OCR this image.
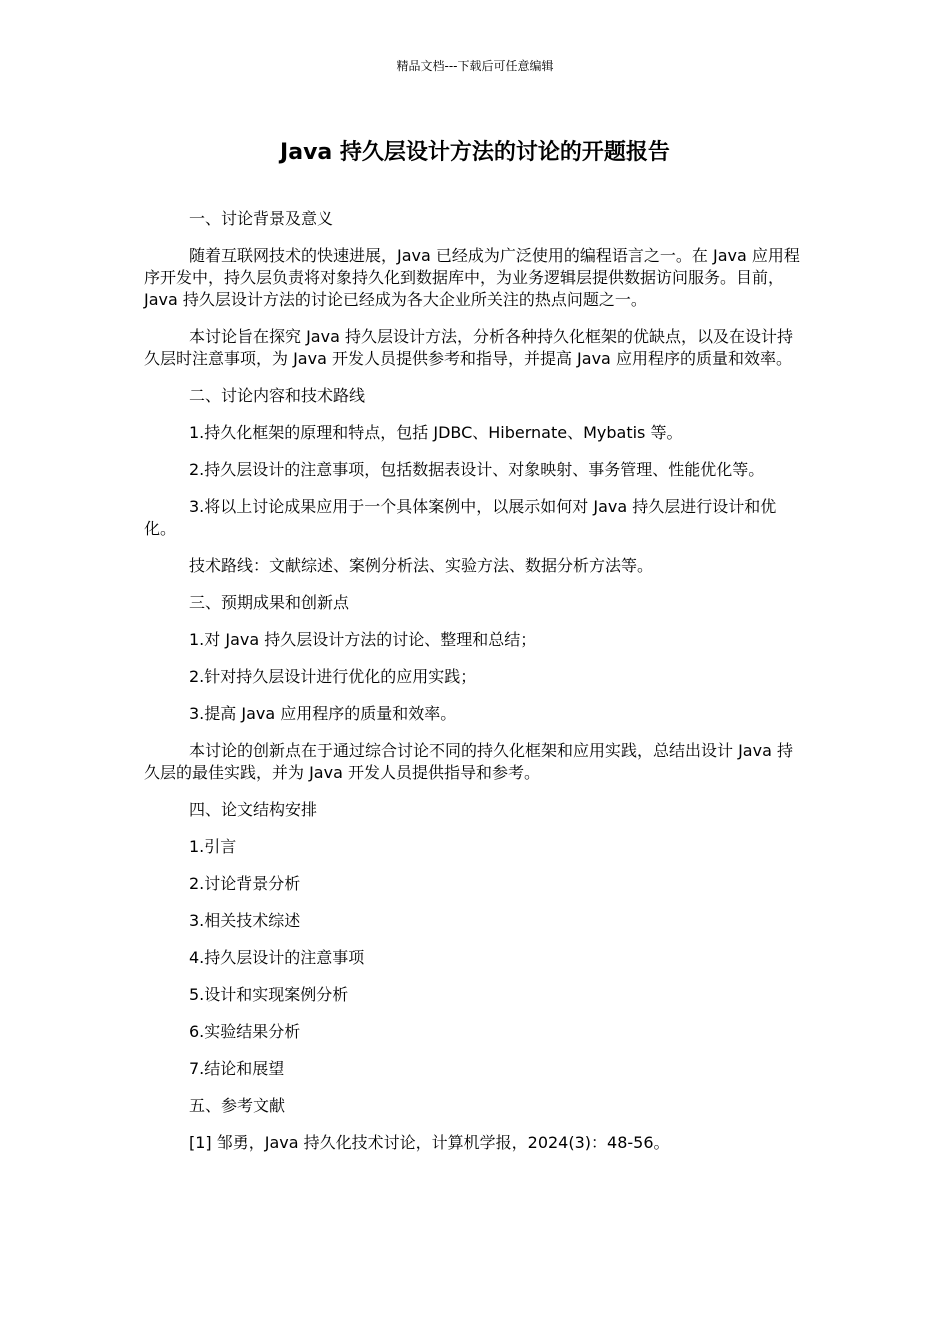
精品文档---下载后可任意编辑
Java 持久层设计方法的讨论的开题报告

一、讨论背景及意义

随着互联网技术的快速进展，Java 已经成为广泛使用的编程语言之一。在 Java 应用程序开发中，持久层负责将对象持久化到数据库中，为业务逻辑层提供数据访问服务。目前，Java 持久层设计方法的讨论已经成为各大企业所关注的热点问题之一。

本讨论旨在探究 Java 持久层设计方法，分析各种持久化框架的优缺点，以及在设计持久层时注意事项，为 Java 开发人员提供参考和指导，并提高 Java 应用程序的质量和效率。

二、讨论内容和技术路线

1.持久化框架的原理和特点，包括 JDBC、Hibernate、Mybatis 等。

2.持久层设计的注意事项，包括数据表设计、对象映射、事务管理、性能优化等。

3.将以上讨论成果应用于一个具体案例中，以展示如何对 Java 持久层进行设计和优化。

技术路线：文献综述、案例分析法、实验方法、数据分析方法等。

三、预期成果和创新点

1.对 Java 持久层设计方法的讨论、整理和总结；

2.针对持久层设计进行优化的应用实践；

3.提高 Java 应用程序的质量和效率。

本讨论的创新点在于通过综合讨论不同的持久化框架和应用实践，总结出设计 Java 持久层的最佳实践，并为 Java 开发人员提供指导和参考。

四、论文结构安排

1.引言

2.讨论背景分析

3.相关技术综述

4.持久层设计的注意事项

5.设计和实现案例分析

6.实验结果分析

7.结论和展望

五、参考文献

[1] 邹勇，Java 持久化技术讨论，计算机学报，2024(3)：48-56。
